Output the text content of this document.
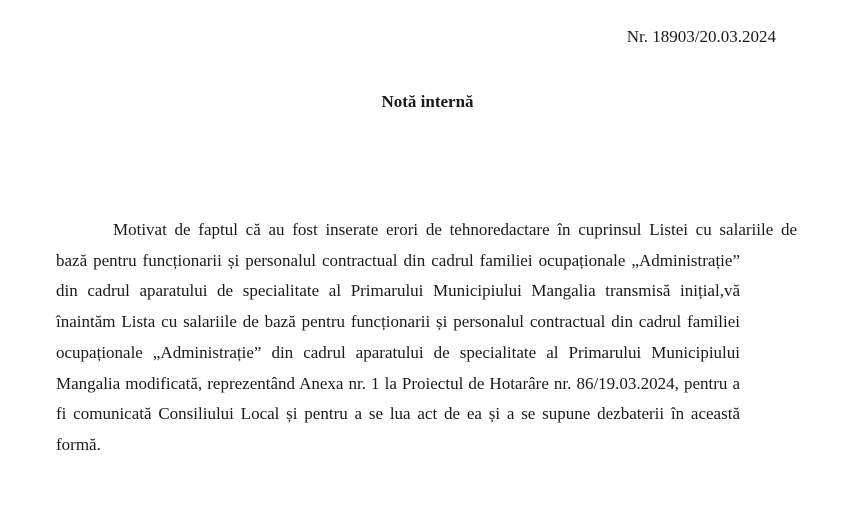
Nr. 18903/20.03.2024
Notă internă
Motivat de faptul că au fost inserate erori de tehnoredactare în cuprinsul Listei cu salariile de
bază pentru funcționarii și personalul contractual din cadrul familiei ocupaționale „Administrație”
din cadrul aparatului de specialitate al Primarului Municipiului Mangalia transmisă inițial,vă
înaintăm Lista cu salariile de bază pentru funcționarii și personalul contractual din cadrul familiei
ocupaționale „Administrație” din cadrul aparatului de specialitate al Primarului Municipiului
Mangalia modificată, reprezentând Anexa nr. 1 la Proiectul de Hotarâre nr. 86/19.03.2024, pentru a
fi comunicată Consiliului Local și pentru a se lua act de ea și a se supune dezbaterii în această
formă.
